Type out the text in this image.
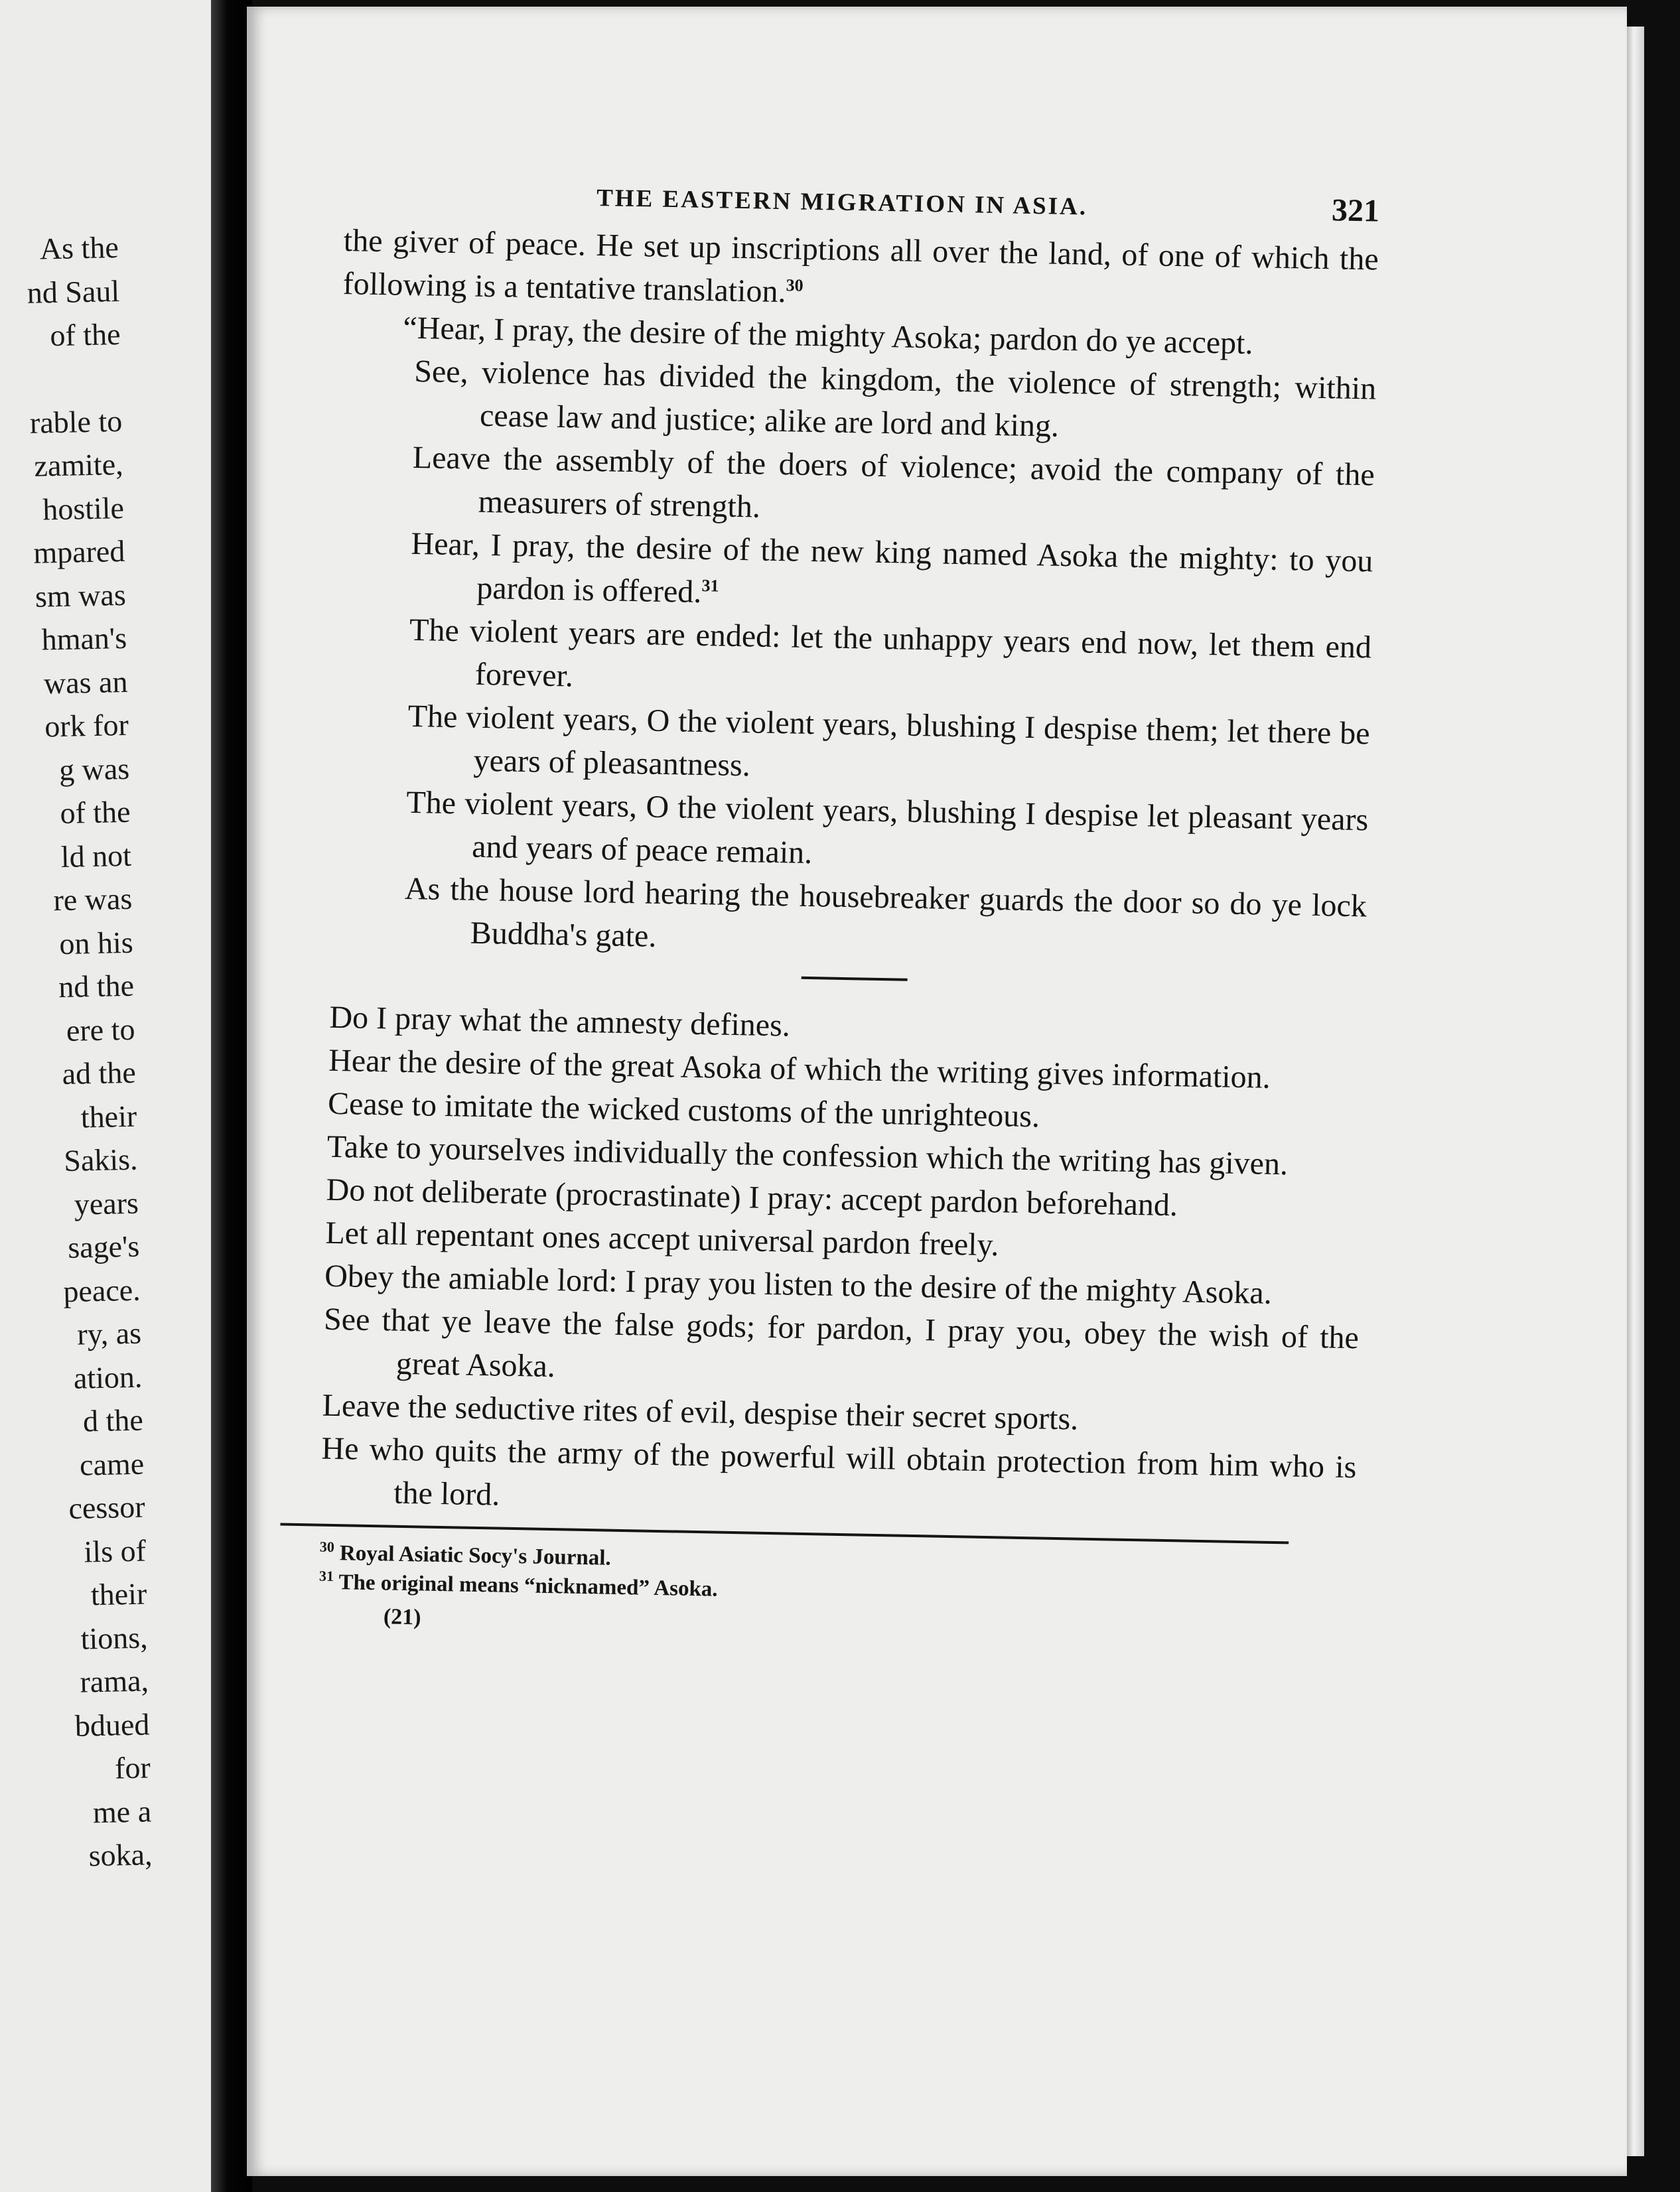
As the
nd Saul
of the
rable to
zamite,
hostile
mpared
sm was
hman's
was an
ork for
g was
of the
ld not
re was
on his
nd the
ere to
ad the
their
Sakis.
years
sage's
peace.
ry, as
ation.
d the
came
cessor
ils of
their
tions,
rama,
bdued
for
me a
soka,
THE EASTERN MIGRATION IN ASIA.	321

the giver of peace. He set up inscriptions all over the land, of one of which the following is a tentative translation.$^{30}$

“Hear, I pray, the desire of the mighty Asoka; pardon do ye accept.

See, violence has divided the kingdom, the violence of strength; within cease law and justice; alike are lord and king.

Leave the assembly of the doers of violence; avoid the company of the measurers of strength.

Hear, I pray, the desire of the new king named Asoka the mighty: to you pardon is offered.$^{31}$

The violent years are ended: let the unhappy years end now, let them end forever.

The violent years, O the violent years, blushing I despise them; let there be years of pleasantness.

The violent years, O the violent years, blushing I despise let pleasant years and years of peace remain.

As the house lord hearing the housebreaker guards the door so do ye lock Buddha's gate.

Do I pray what the amnesty defines.

Hear the desire of the great Asoka of which the writing gives information.

Cease to imitate the wicked customs of the unrighteous.

Take to yourselves individually the confession which the writing has given.

Do not deliberate (procrastinate) I pray: accept pardon beforehand.

Let all repentant ones accept universal pardon freely.

Obey the amiable lord: I pray you listen to the desire of the mighty Asoka.

See that ye leave the false gods; for pardon, I pray you, obey the wish of the great Asoka.

Leave the seductive rites of evil, despise their secret sports.

He who quits the army of the powerful will obtain protection from him who is the lord.

$^{30}$ Royal Asiatic Socy's Journal.
$^{31}$ The original means “nicknamed” Asoka.
(21)
